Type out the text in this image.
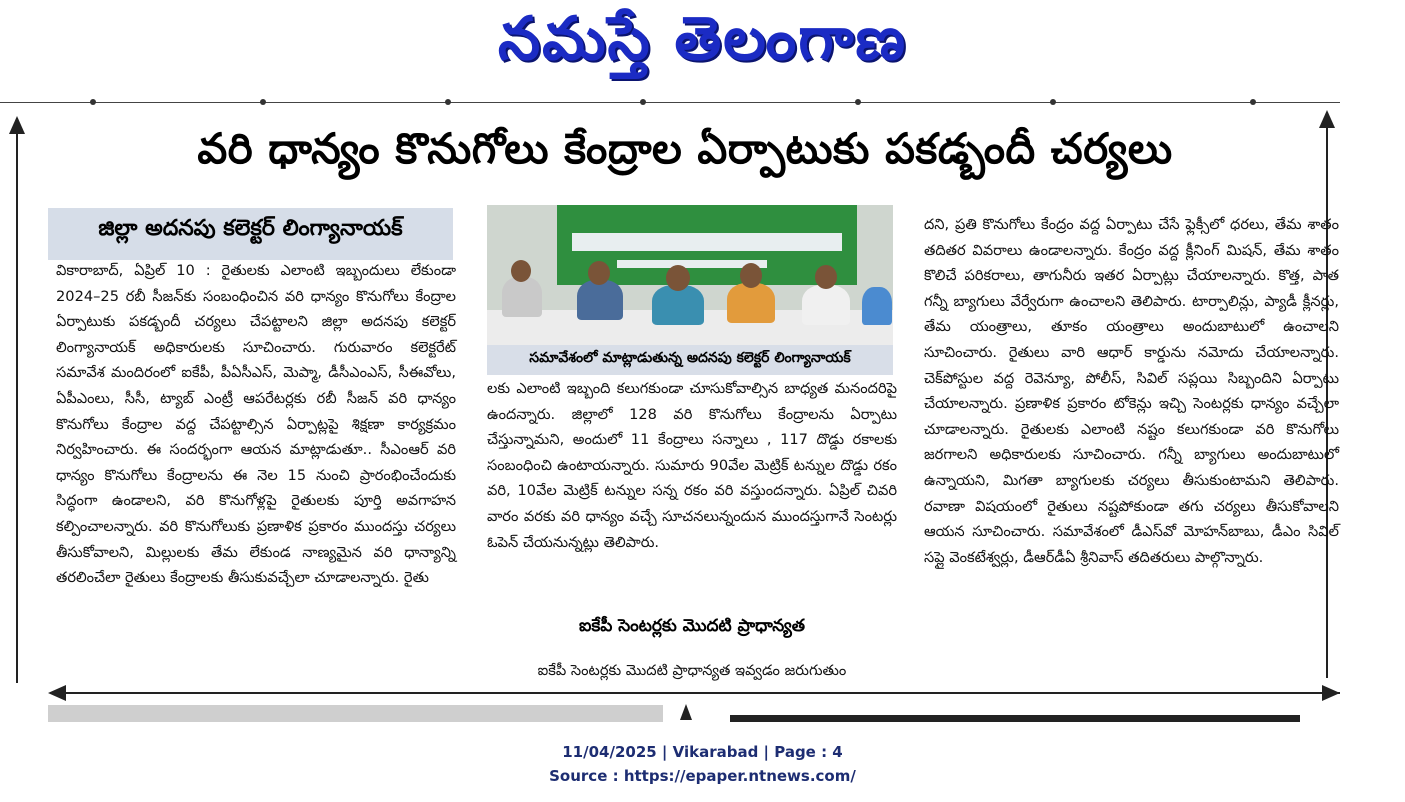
నమస్తే తెలంగాణ
వరి ధాన్యం కొనుగోలు కేంద్రాల ఏర్పాటుకు పకడ్బందీ చర్యలు
జిల్లా అదనపు కలెక్టర్ లింగ్యానాయక్

వికారాబాద్, ఏప్రిల్ 10 : రైతులకు ఎలాంటి ఇబ్బందులు లేకుండా 2024–25 రబీ సీజన్‌కు సంబంధించిన వరి ధాన్యం కొనుగోలు కేంద్రాల ఏర్పాటుకు పకడ్బందీ చర్యలు చేపట్టాలని జిల్లా అదనపు కలెక్టర్ లింగ్యానాయక్ అధికారులకు సూచించారు. గురువారం కలెక్టరేట్ సమావేశ మందిరంలో ఐకేపీ, పీఏసీఎస్, మెప్మా, డీసీఎంఎస్, సీఈవోలు, ఏపీఎంలు, సీసీ, ట్యాబ్ ఎంట్రీ ఆపరేటర్లకు రబీ సీజన్ వరి ధాన్యం కొనుగోలు కేంద్రాల వద్ద చేపట్టాల్సిన ఏర్పాట్లపై శిక్షణా కార్యక్రమం నిర్వహించారు. ఈ సందర్భంగా ఆయన మాట్లాడుతూ.. సీఎంఆర్ వరి ధాన్యం కొనుగోలు కేంద్రాలను ఈ నెల 15 నుంచి ప్రారంభించేందుకు సిద్ధంగా ఉండాలని, వరి కొనుగోళ్లపై రైతులకు పూర్తి అవగాహన కల్పించాలన్నారు. వరి కొనుగోలుకు ప్రణాళిక ప్రకారం ముందస్తు చర్యలు తీసుకోవాలని, మిల్లులకు తేమ లేకుండ నాణ్యమైన వరి ధాన్యాన్ని తరలించేలా రైతులు కేంద్రాలకు తీసుకువచ్చేలా చూడాలన్నారు. రైతు

సమావేశంలో మాట్లాడుతున్న అదనపు కలెక్టర్ లింగ్యానాయక్

లకు ఎలాంటి ఇబ్బంది కలుగకుండా చూసుకోవాల్సిన బాధ్యత మనందరిపై ఉందన్నారు. జిల్లాలో 128 వరి కొనుగోలు కేంద్రాలను ఏర్పాటు చేస్తున్నామని, అందులో 11 కేంద్రాలు సన్నాలు , 117 దొడ్డు రకాలకు సంబంధించి ఉంటాయన్నారు. సుమారు 90వేల మెట్రిక్ టన్నుల దొడ్డు రకం వరి, 10వేల మెట్రిక్ టన్నుల సన్న రకం వరి వస్తుందన్నారు. ఏప్రిల్ చివరి వారం వరకు వరి ధాన్యం వచ్చే సూచనలున్నందున ముందస్తుగానే సెంటర్లు ఓపెన్ చేయనున్నట్లు తెలిపారు.

ఐకేపీ సెంటర్లకు మొదటి ప్రాధాన్యత
ఐకేపీ సెంటర్లకు మొదటి ప్రాధాన్యత ఇవ్వడం జరుగుతుం

దని, ప్రతి కొనుగోలు కేంద్రం వద్ద ఏర్పాటు చేసే ఫ్లెక్సీలో ధరలు, తేమ శాతం తదితర వివరాలు ఉండాలన్నారు. కేంద్రం వద్ద క్లీనింగ్ మిషన్, తేమ శాతం కొలిచే పరికరాలు, తాగునీరు ఇతర ఏర్పాట్లు చేయాలన్నారు. కొత్త, పాత గన్నీ బ్యాగులు వేర్వేరుగా ఉంచాలని తెలిపారు. టార్పాలిన్లు, ప్యాడీ క్లీనర్లు, తేమ యంత్రాలు, తూకం యంత్రాలు అందుబాటులో ఉంచాలని సూచించారు. రైతులు వారి ఆధార్ కార్డును నమోదు చేయాలన్నారు. చెక్‌పోస్టుల వద్ద రెవెన్యూ, పోలీస్, సివిల్ సప్లయి సిబ్బందిని ఏర్పాటు చేయాలన్నారు. ప్రణాళిక ప్రకారం టోకెన్లు ఇచ్చి సెంటర్లకు ధాన్యం వచ్చేలా చూడాలన్నారు. రైతులకు ఎలాంటి నష్టం కలుగకుండా వరి కొనుగోలు జరగాలని అధికారులకు సూచించారు. గన్నీ బ్యాగులు అందుబాటులో ఉన్నాయని, మిగతా బ్యాగులకు చర్యలు తీసుకుంటామని తెలిపారు. రవాణా విషయంలో రైతులు నష్టపోకుండా తగు చర్యలు తీసుకోవాలని ఆయన సూచించారు. సమావేశంలో డీఎస్‌వో మోహన్‌బాబు, డీఎం సివిల్ సప్లై వెంకటేశ్వర్లు, డీఆర్‌డీఏ శ్రీనివాస్ తదితరులు పాల్గొన్నారు.

11/04/2025 | Vikarabad | Page : 4
Source : https://epaper.ntnews.com/
